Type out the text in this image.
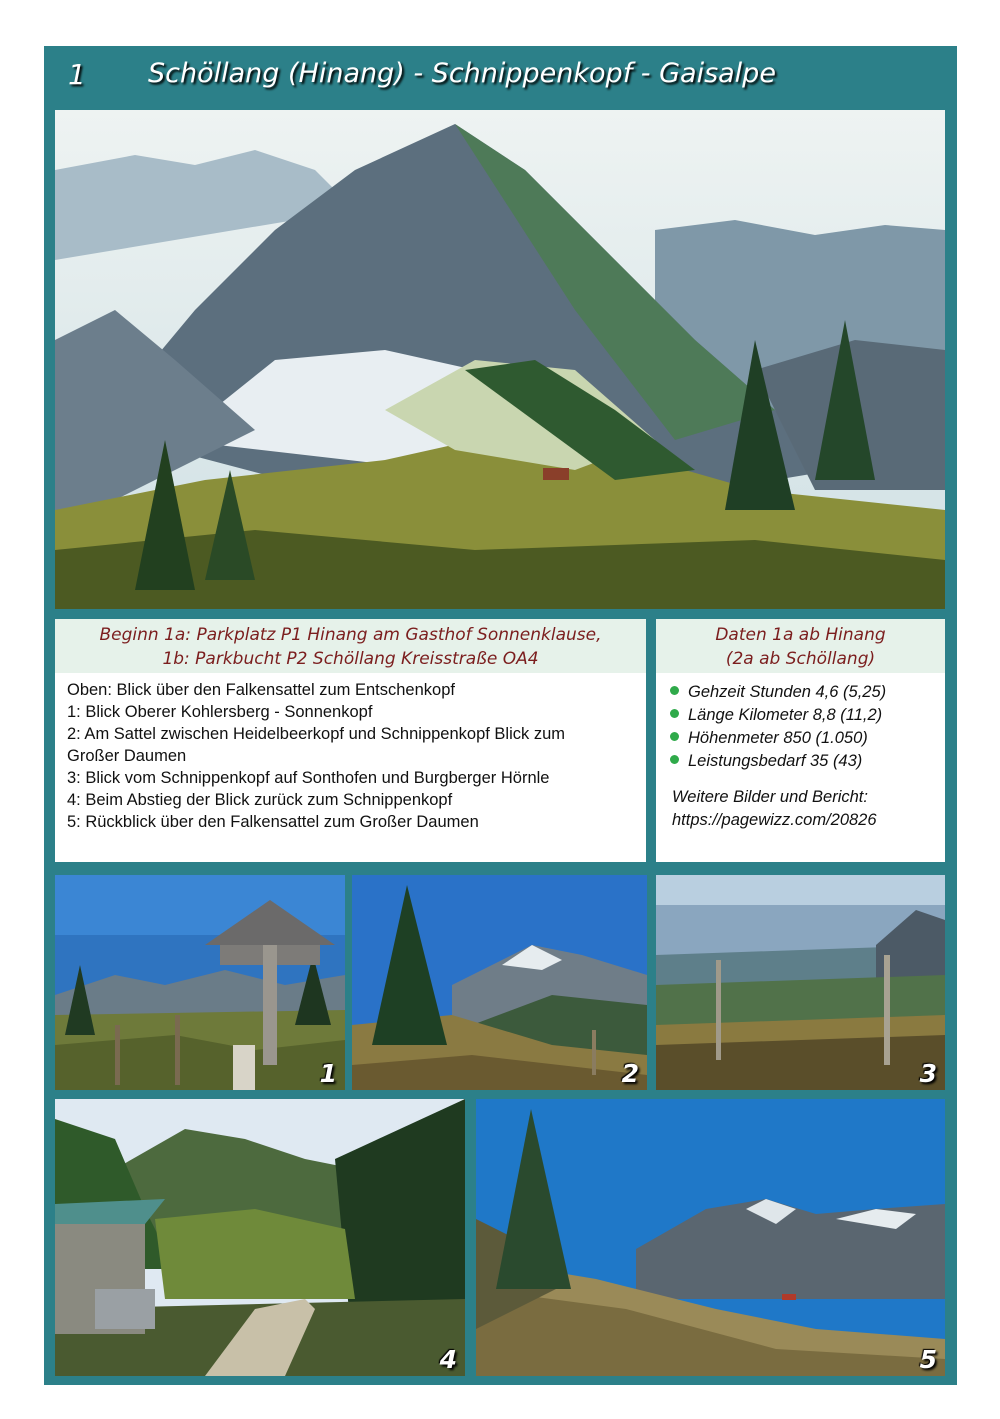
1 Schöllang (Hinang) - Schnippenkopf - Gaisalpe
Beginn 1a: Parkplatz P1 Hinang am Gasthof Sonnenklause,
1b: Parkbucht P2 Schöllang Kreisstraße OA4
Oben: Blick über den Falkensattel zum Entschenkopf
1: Blick Oberer Kohlersberg - Sonnenkopf
2: Am Sattel zwischen Heidelbeerkopf und Schnippenkopf Blick zum
Großer Daumen
3: Blick vom Schnippenkopf auf Sonthofen und Burgberger Hörnle
4: Beim Abstieg der Blick zurück zum Schnippenkopf
5: Rückblick über den Falkensattel zum Großer Daumen
Daten 1a ab Hinang
(2a ab Schöllang)
Gehzeit Stunden 4,6 (5,25)
Länge Kilometer 8,8 (11,2)
Höhenmeter 850 (1.050)
Leistungsbedarf 35 (43)
Weitere Bilder und Bericht:
https://pagewizz.com/20826
1	2	3
4	5
